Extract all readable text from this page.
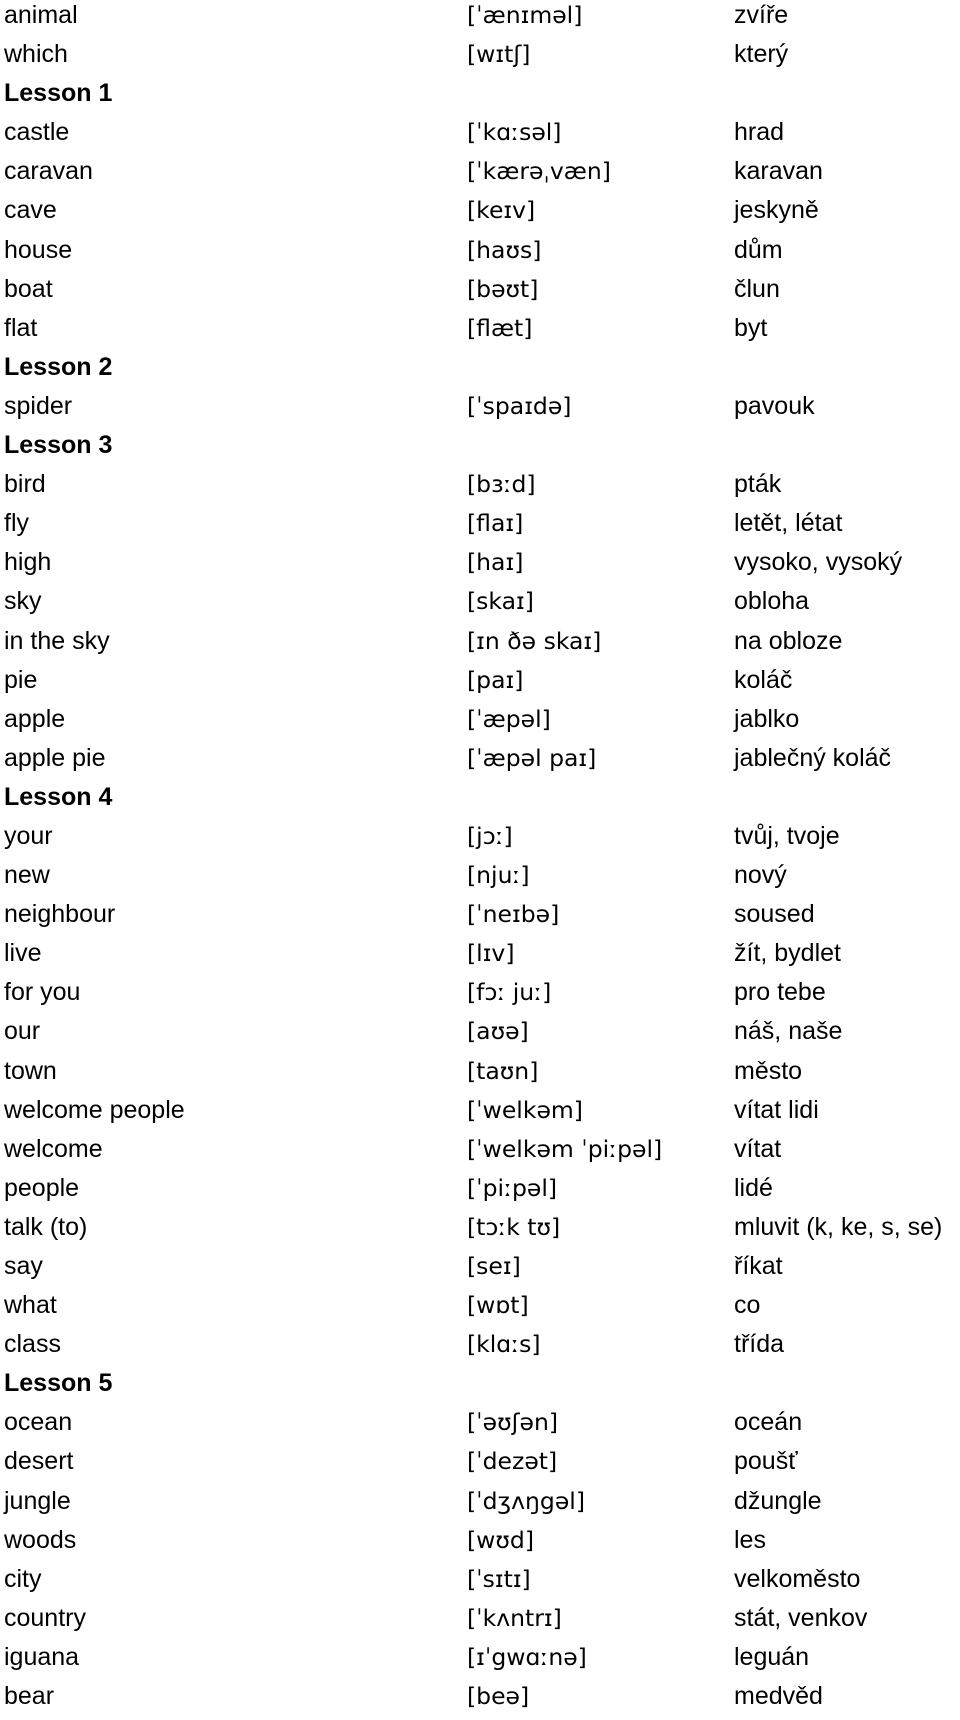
animal	[ˈænɪməl]	zvíře
which	[wɪtʃ]	který
Lesson 1
castle	[ˈkɑːsəl]	hrad
caravan	[ˈkærəˌvæn]	karavan
cave	[keɪv]	jeskyně
house	[haʊs]	dům
boat	[bəʊt]	člun
flat	[flæt]	byt
Lesson 2
spider	[ˈspaɪdə]	pavouk
Lesson 3
bird	[bɜːd]	pták
fly	[flaɪ]	letět, létat
high	[haɪ]	vysoko, vysoký
sky	[skaɪ]	obloha
in the sky	[ɪn ðə skaɪ]	na obloze
pie	[paɪ]	koláč
apple	[ˈæpəl]	jablko
apple pie	[ˈæpəl paɪ]	jablečný koláč
Lesson 4
your	[jɔː]	tvůj, tvoje
new	[njuː]	nový
neighbour	[ˈneɪbə]	soused
live	[lɪv]	žít, bydlet
for you	[fɔː juː]	pro tebe
our	[aʊə]	náš, naše
town	[taʊn]	město
welcome people	[ˈwelkəm]	vítat lidi
welcome	[ˈwelkəm ˈpiːpəl]	vítat
people	[ˈpiːpəl]	lidé
talk (to)	[tɔːk tʊ]	mluvit (k, ke, s, se)
say	[seɪ]	říkat
what	[wɒt]	co
class	[klɑːs]	třída
Lesson 5
ocean	[ˈəʊʃən]	oceán
desert	[ˈdezət]	poušť
jungle	[ˈdʒʌŋgəl]	džungle
woods	[wʊd]	les
city	[ˈsɪtɪ]	velkoměsto
country	[ˈkʌntrɪ]	stát, venkov
iguana	[ɪˈgwɑːnə]	leguán
bear	[beə]	medvěd
